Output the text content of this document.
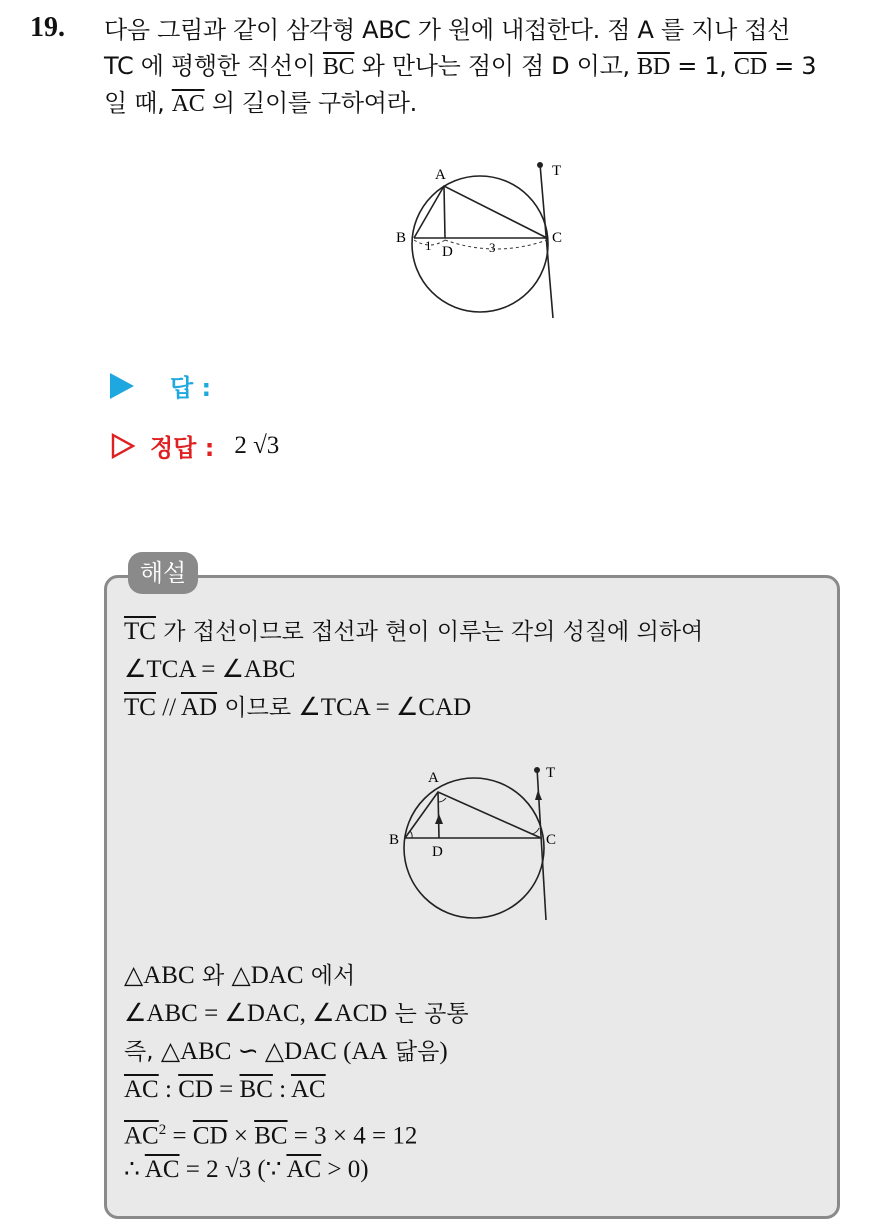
19. 다음 그림과 같이 삼각형 ABC 가 원에 내접한다. 점 A 를 지나 접선
TC 에 평행한 직선이 $\overline{BC}$ 와 만나는 점이 점 D 이고, $\overline{BD} = 1$, $\overline{CD} = 3$
일 때, $\overline{AC}$ 의 길이를 구하여라.
A
B	C
D
T
1	3
답 :
정답 : 2 √3
해설
$\overline{TC}$ 가 접선이므로 접선과 현이 이루는 각의 성질에 의하여
∠TCA = ∠ABC
$\overline{TC} // \overline{AD}$ 이므로 ∠TCA = ∠CAD
A
B	C
D
T
△ABC 와 △DAC 에서
∠ABC = ∠DAC, ∠ACD 는 공통
즉, △ABC ∽ △DAC (AA 닮음)
$\overline{AC}$ : $\overline{CD} = \overline{BC}$ : $\overline{AC}$
$\overline{AC}^2 = \overline{CD} \times \overline{BC} = 3 \times 4 = 12$
∴ $\overline{AC} = 2$ √3 (∵ $\overline{AC} > 0$)
